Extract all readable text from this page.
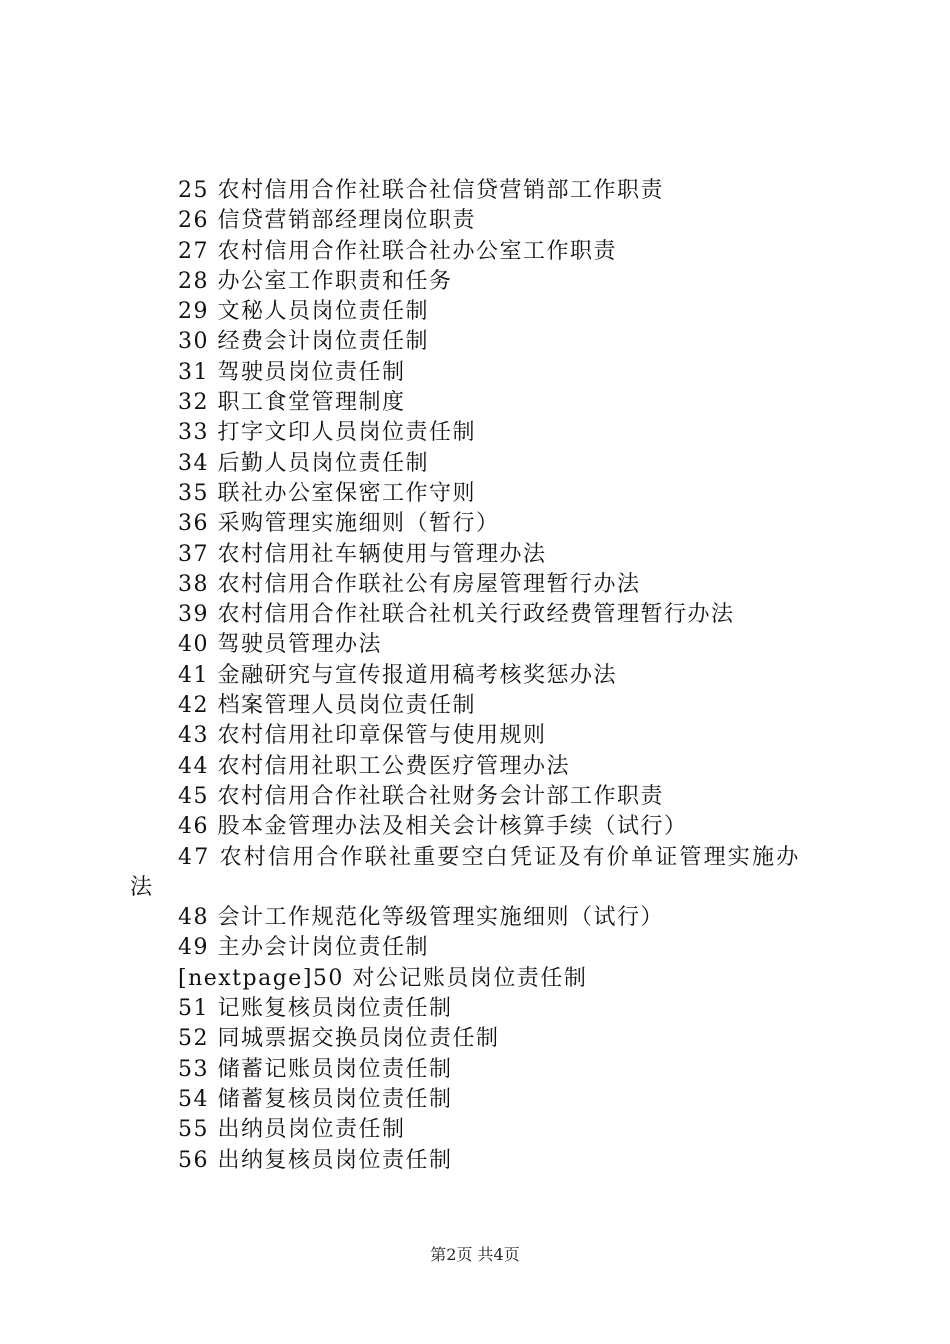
25 农村信用合作社联合社信贷营销部工作职责
26 信贷营销部经理岗位职责
27 农村信用合作社联合社办公室工作职责
28 办公室工作职责和任务
29 文秘人员岗位责任制
30 经费会计岗位责任制
31 驾驶员岗位责任制
32 职工食堂管理制度
33 打字文印人员岗位责任制
34 后勤人员岗位责任制
35 联社办公室保密工作守则
36 采购管理实施细则（暂行）
37 农村信用社车辆使用与管理办法
38 农村信用合作联社公有房屋管理暂行办法
39 农村信用合作社联合社机关行政经费管理暂行办法
40 驾驶员管理办法
41 金融研究与宣传报道用稿考核奖惩办法
42 档案管理人员岗位责任制
43 农村信用社印章保管与使用规则
44 农村信用社职工公费医疗管理办法
45 农村信用合作社联合社财务会计部工作职责
46 股本金管理办法及相关会计核算手续（试行）
47 农村信用合作联社重要空白凭证及有价单证管理实施办
法
48 会计工作规范化等级管理实施细则（试行）
49 主办会计岗位责任制
[nextpage]50 对公记账员岗位责任制
51 记账复核员岗位责任制
52 同城票据交换员岗位责任制
53 储蓄记账员岗位责任制
54 储蓄复核员岗位责任制
55 出纳员岗位责任制
56 出纳复核员岗位责任制
第2页 共4页
